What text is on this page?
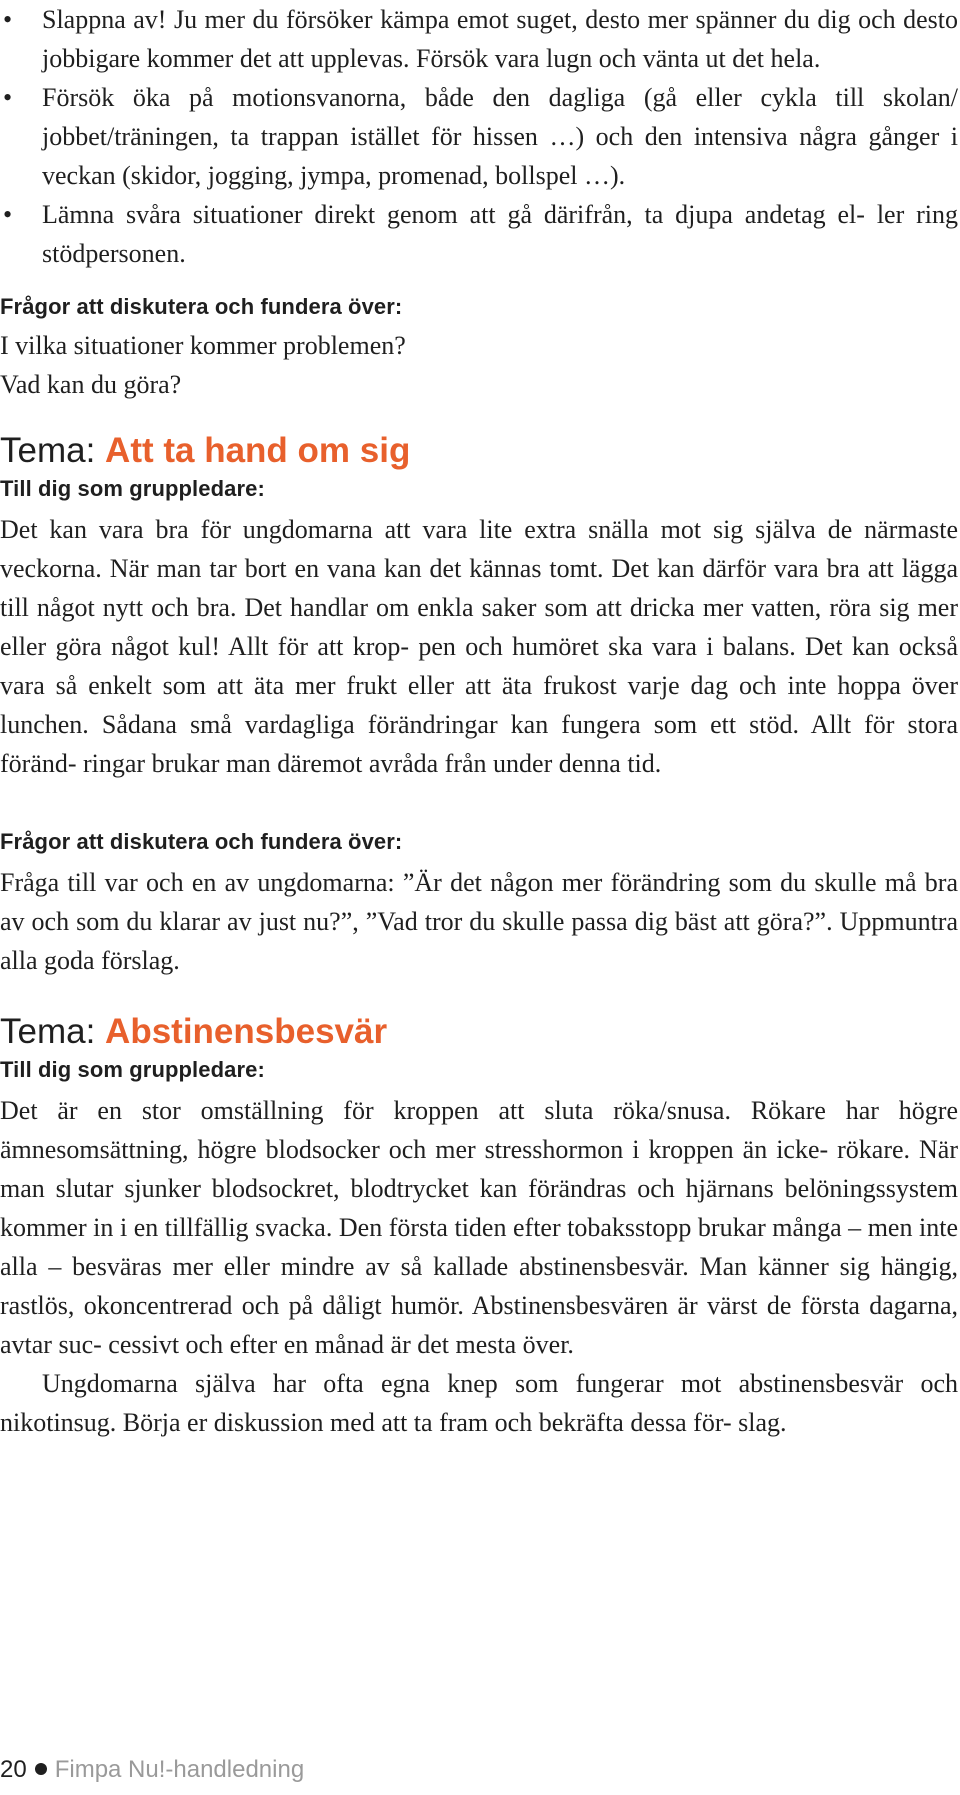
• Slappna av! Ju mer du försöker kämpa emot suget, desto mer spänner du dig och desto jobbigare kommer det att upplevas. Försök vara lugn och vänta ut det hela.
• Försök öka på motionsvanorna, både den dagliga (gå eller cykla till skolan/ jobbet/träningen, ta trappan istället för hissen …) och den intensiva några gånger i veckan (skidor, jogging, jympa, promenad, bollspel …).
• Lämna svåra situationer direkt genom att gå därifrån, ta djupa andetag el- ler ring stödpersonen.
Frågor att diskutera och fundera över:

I vilka situationer kommer problemen?

Vad kan du göra?

Tema: Att ta hand om sig
Till dig som gruppledare:

Det kan vara bra för ungdomarna att vara lite extra snälla mot sig själva de närmaste veckorna. När man tar bort en vana kan det kännas tomt. Det kan därför vara bra att lägga till något nytt och bra. Det handlar om enkla saker som att dricka mer vatten, röra sig mer eller göra något kul! Allt för att krop- pen och humöret ska vara i balans. Det kan också vara så enkelt som att äta mer frukt eller att äta frukost varje dag och inte hoppa över lunchen. Sådana små vardagliga förändringar kan fungera som ett stöd. Allt för stora föränd- ringar brukar man däremot avråda från under denna tid.

Frågor att diskutera och fundera över:

Fråga till var och en av ungdomarna: ”Är det någon mer förändring som du skulle må bra av och som du klarar av just nu?”, ”Vad tror du skulle passa dig bäst att göra?”. Uppmuntra alla goda förslag.

Tema: Abstinensbesvär
Till dig som gruppledare:

Det är en stor omställning för kroppen att sluta röka/snusa. Rökare har högre ämnesomsättning, högre blodsocker och mer stresshormon i kroppen än icke- rökare. När man slutar sjunker blodsockret, blodtrycket kan förändras och hjärnans belöningssystem kommer in i en tillfällig svacka. Den första tiden efter tobaksstopp brukar många – men inte alla – besväras mer eller mindre av så kallade abstinensbesvär. Man känner sig hängig, rastlös, okoncentrerad och på dåligt humör. Abstinensbesvären är värst de första dagarna, avtar suc- cessivt och efter en månad är det mesta över.

Ungdomarna själva har ofta egna knep som fungerar mot abstinensbesvär och nikotinsug. Börja er diskussion med att ta fram och bekräfta dessa för- slag.

20 Fimpa Nu!-handledning
